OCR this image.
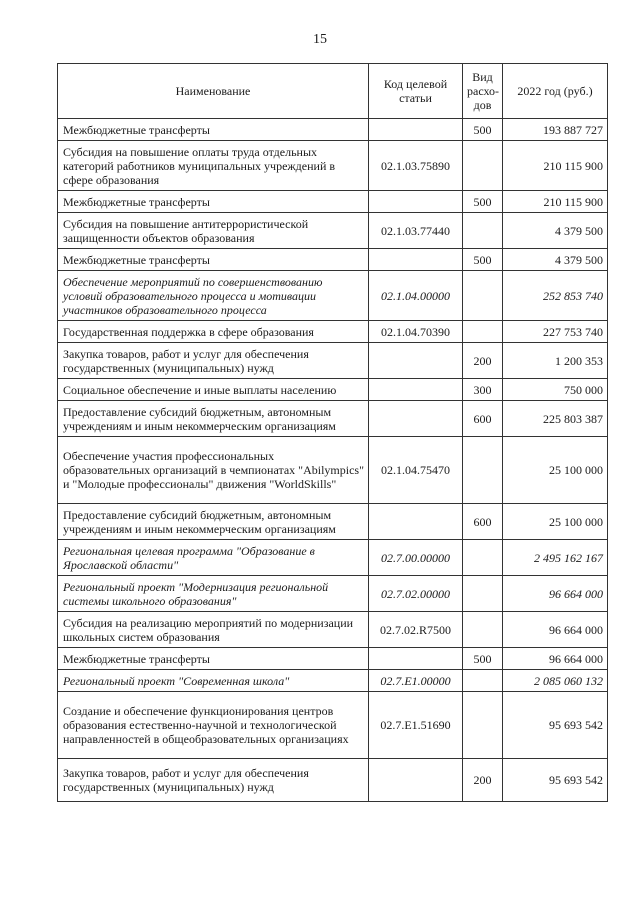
15
Наименование	Код целевой статьи	Вид расхо-дов	2022 год (руб.)
Межбюджетные трансферты		500	193 887 727
Субсидия на повышение оплаты труда отдельных категорий работников муниципальных учреждений в сфере образования	02.1.03.75890		210 115 900
Межбюджетные трансферты		500	210 115 900
Субсидия на повышение антитеррористической защищенности объектов образования	02.1.03.77440		4 379 500
Межбюджетные трансферты		500	4 379 500
Обеспечение мероприятий по совершенствованию условий образовательного процесса и мотивации участников образовательного процесса	02.1.04.00000		252 853 740
Государственная поддержка в сфере образования	02.1.04.70390		227 753 740
Закупка товаров, работ и услуг для обеспечения государственных (муниципальных) нужд		200	1 200 353
Социальное обеспечение и иные выплаты населению		300	750 000
Предоставление субсидий бюджетным, автономным учреждениям и иным некоммерческим организациям		600	225 803 387
Обеспечение участия профессиональных образовательных организаций в чемпионатах "Abilympics" и "Молодые профессионалы" движения "WorldSkills"	02.1.04.75470		25 100 000
Предоставление субсидий бюджетным, автономным учреждениям и иным некоммерческим организациям		600	25 100 000
Региональная целевая программа "Образование в Ярославской области"	02.7.00.00000		2 495 162 167
Региональный проект "Модернизация региональной системы школьного образования"	02.7.02.00000		96 664 000
Субсидия на реализацию мероприятий по модернизации школьных систем образования	02.7.02.R7500		96 664 000
Межбюджетные трансферты		500	96 664 000
Региональный проект "Современная школа"	02.7.E1.00000		2 085 060 132
Создание и обеспечение функционирования центров образования естественно-научной и технологической направленностей в общеобразовательных организациях	02.7.E1.51690		95 693 542
Закупка товаров, работ и услуг для обеспечения государственных (муниципальных) нужд		200	95 693 542
